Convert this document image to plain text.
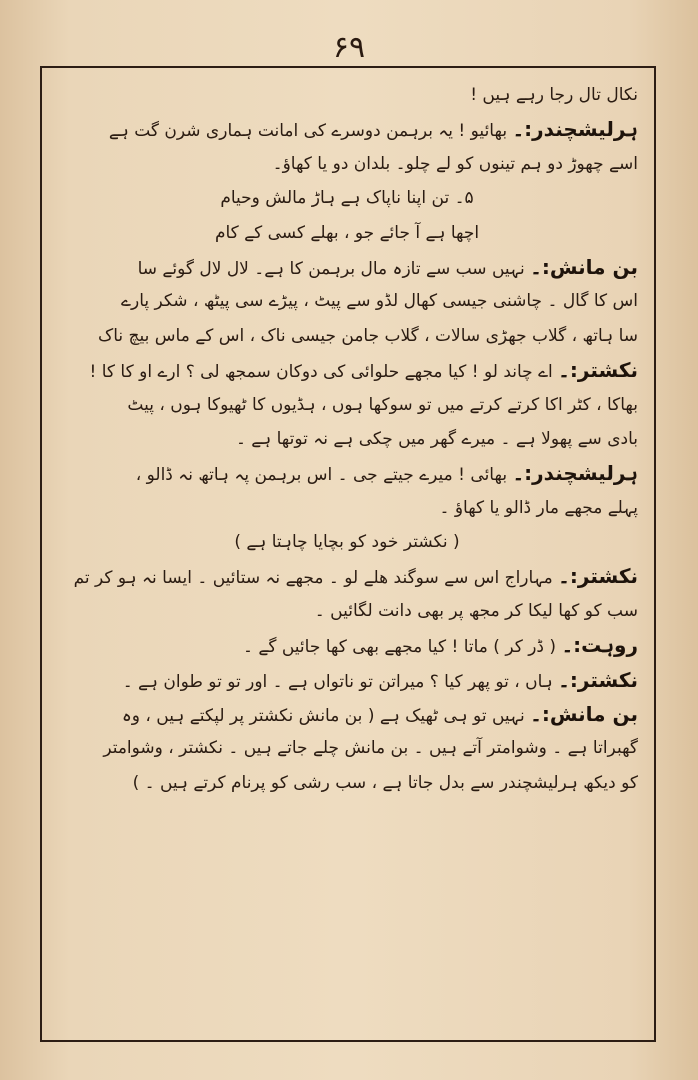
۶۹
نکال تال رجا رہے ہیں !
ہرلیشچندر:۔ بھائیو ! یہ برہمن دوسرے کی امانت ہماری شرن گت ہے
اسے چھوڑ دو ہم تینوں کو لے چلو۔ بلدان دو یا کھاؤ۔
۵۔ تن اپنا ناپاک ہے ہاڑ مالش وحیام
اچھا ہے آ جائے جو ، بھلے کسی کے کام
بن مانش:۔ نہیں سب سے تازہ مال برہمن کا ہے۔ لال لال گوئے سا
اس کا گال ۔ چاشنی جیسی کھال لڈو سے پیٹ ، پیڑے سی پیٹھ ، شکر پارے
سا ہاتھ ، گلاب جھڑی سالات ، گلاب جامن جیسی ناک ، اس کے ماس بیچ ناک
نکشتر:۔ اے چاند لو ! کیا مجھے حلوائی کی دوکان سمجھ لی ؟ ارے او کا کا !
بھاکا ، کٹر اکا کرتے کرتے میں تو سوکھا ہوں ، ہڈیوں کا ٹھیوکا ہوں ، پیٹ
بادی سے پھولا ہے ۔ میرے گھر میں چکی ہے نہ توتھا ہے ۔
ہرلیشچندر:۔ بھائی ! میرے جیتے جی ۔ اس برہمن پہ ہاتھ نہ ڈالو ،
پہلے مجھے مار ڈالو یا کھاؤ ۔
( نکشتر خود کو بچایا چاہتا ہے )
نکشتر:۔ مہاراج اس سے سوگند ھلے لو ۔ مجھے نہ ستائیں ۔ ایسا نہ ہو کر تم
سب کو کھا لیکا کر مجھ پر بھی دانت لگائیں ۔
روہت:۔ ( ڈر کر ) ماتا ! کیا مجھے بھی کھا جائیں گے ۔
نکشتر:۔ ہاں ، تو پھر کیا ؟ میراتن تو ناتواں ہے ۔ اور تو تو طوان ہے ۔
بن مانش:۔ نہیں تو ہی ٹھیک ہے ( بن مانش نکشتر پر لپکتے ہیں ، وہ
گھبراتا ہے ۔ وشوامتر آتے ہیں ۔ بن مانش چلے جاتے ہیں ۔ نکشتر ، وشوامتر
کو دیکھ ہرلیشچندر سے بدل جاتا ہے ، سب رشی کو پرنام کرتے ہیں ۔ )
